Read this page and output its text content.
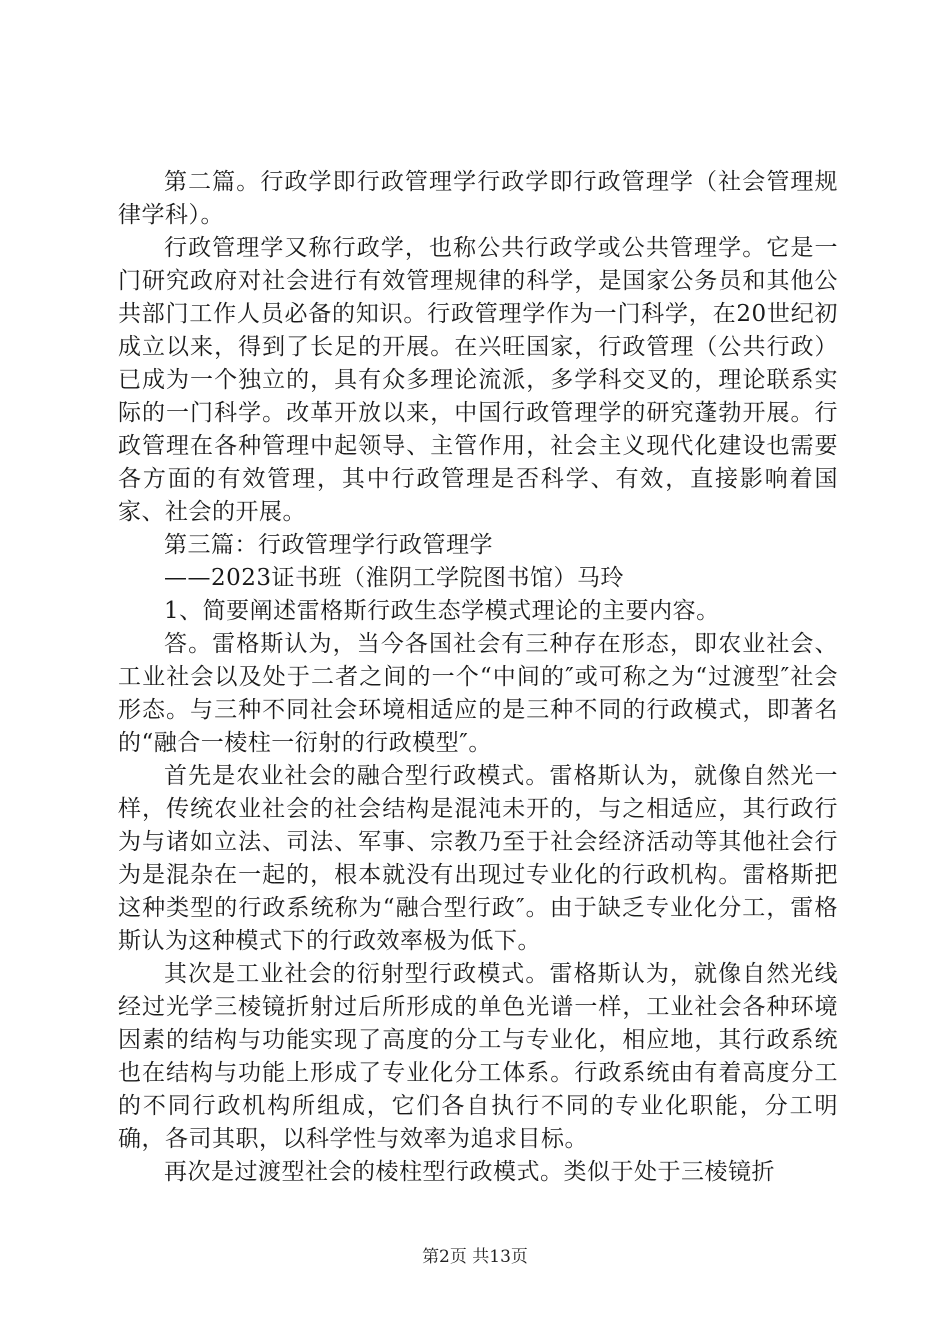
第二篇。行政学即行政管理学行政学即行政管理学（社会管理规律学科）。

行政管理学又称行政学，也称公共行政学或公共管理学。它是一门研究政府对社会进行有效管理规律的科学，是国家公务员和其他公共部门工作人员必备的知识。行政管理学作为一门科学，在20世纪初成立以来，得到了长足的开展。在兴旺国家，行政管理（公共行政）已成为一个独立的，具有众多理论流派，多学科交叉的，理论联系实际的一门科学。改革开放以来，中国行政管理学的研究蓬勃开展。行政管理在各种管理中起领导、主管作用，社会主义现代化建设也需要各方面的有效管理，其中行政管理是否科学、有效，直接影响着国家、社会的开展。

第三篇：行政管理学行政管理学

——2023证书班（淮阴工学院图书馆）马玲

1、简要阐述雷格斯行政生态学模式理论的主要内容。

答。雷格斯认为，当今各国社会有三种存在形态，即农业社会、工业社会以及处于二者之间的一个“中间的″或可称之为“过渡型″社会形态。与三种不同社会环境相适应的是三种不同的行政模式，即著名的“融合一棱柱一衍射的行政模型″。

首先是农业社会的融合型行政模式。雷格斯认为，就像自然光一样，传统农业社会的社会结构是混沌未开的，与之相适应，其行政行为与诸如立法、司法、军事、宗教乃至于社会经济活动等其他社会行为是混杂在一起的，根本就没有出现过专业化的行政机构。雷格斯把这种类型的行政系统称为“融合型行政″。由于缺乏专业化分工，雷格斯认为这种模式下的行政效率极为低下。

其次是工业社会的衍射型行政模式。雷格斯认为，就像自然光线经过光学三棱镜折射过后所形成的单色光谱一样，工业社会各种环境因素的结构与功能实现了高度的分工与专业化，相应地，其行政系统也在结构与功能上形成了专业化分工体系。行政系统由有着高度分工的不同行政机构所组成，它们各自执行不同的专业化职能，分工明确，各司其职，以科学性与效率为追求目标。

再次是过渡型社会的棱柱型行政模式。类似于处于三棱镜折

第2页 共13页
